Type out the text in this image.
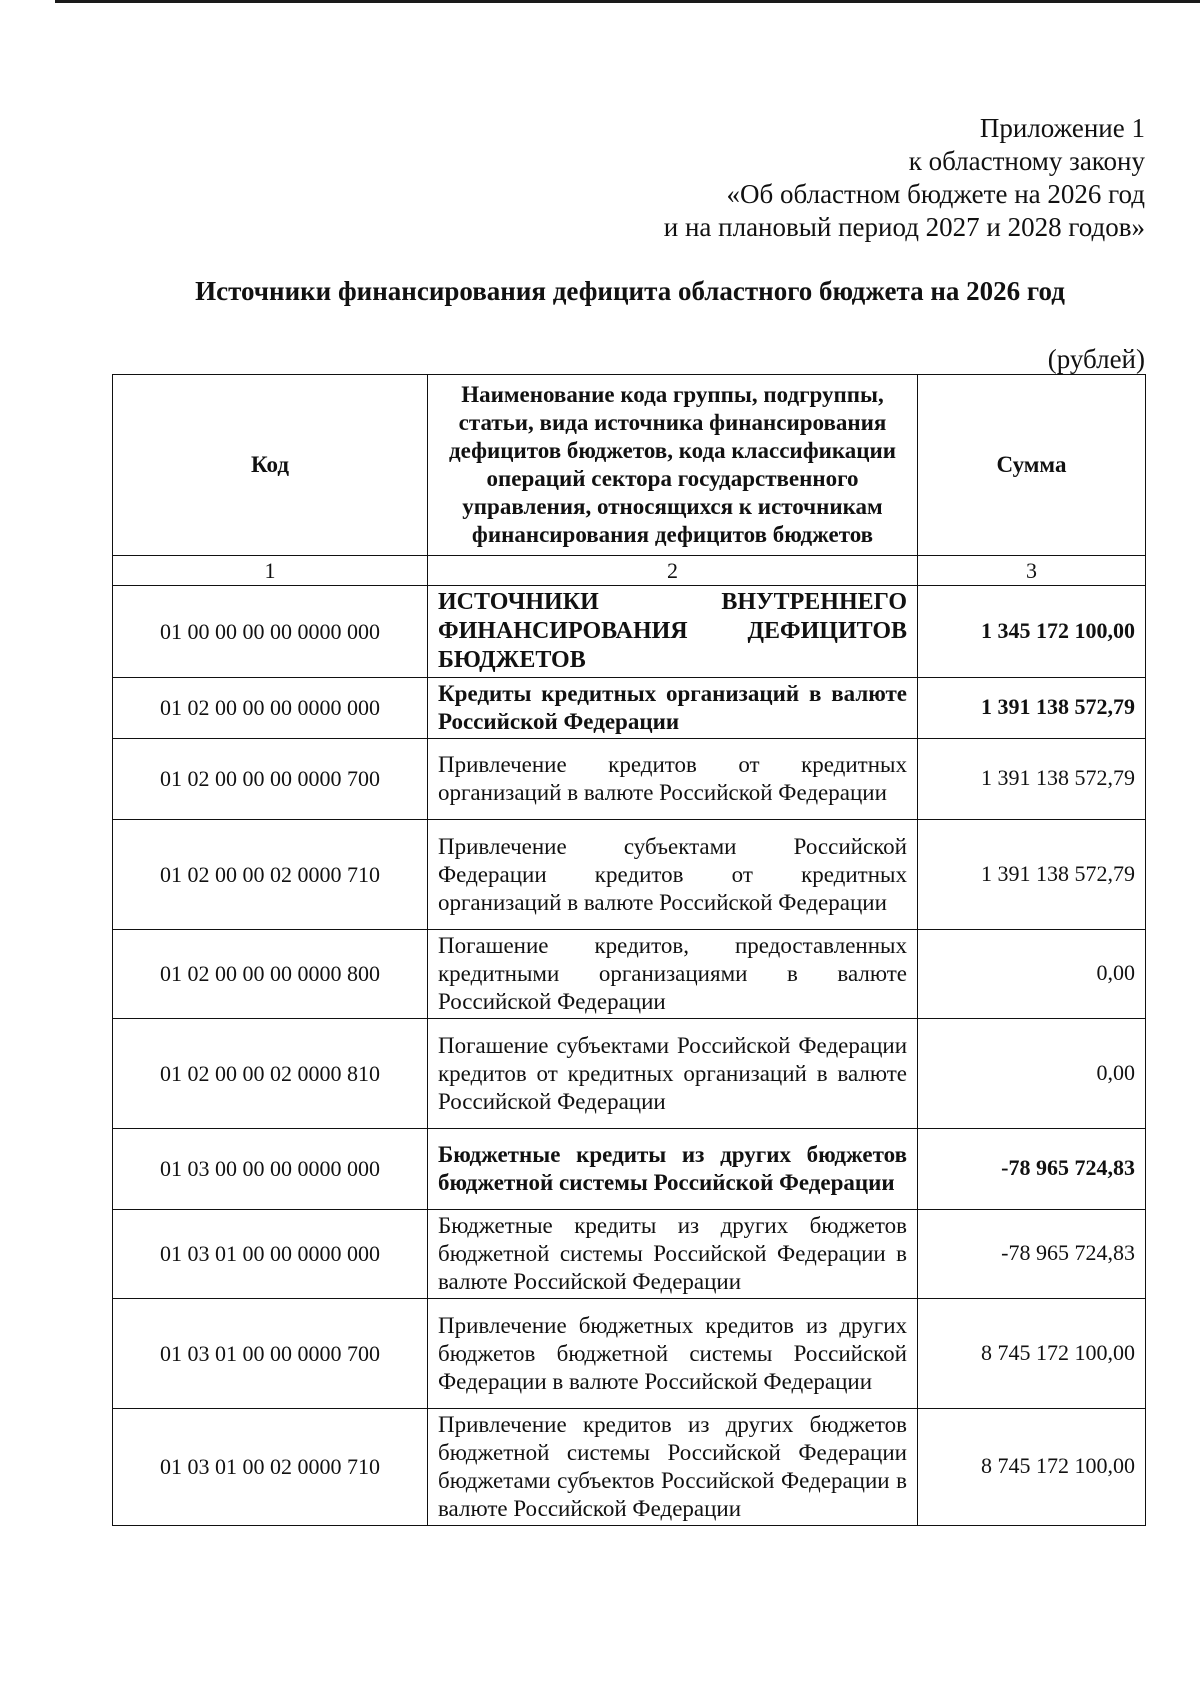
Приложение 1
к областному закону
«Об областном бюджете на 2026 год
и на плановый период 2027 и 2028 годов»
Источники финансирования дефицита областного бюджета на 2026 год
(рублей)
Код	Наименование кода группы, подгруппы, статьи, вида источника финансирования дефицитов бюджетов, кода классификации операций сектора государственного управления, относящихся к источникам финансирования дефицитов бюджетов	Сумма
1	2	3
01 00 00 00 00 0000 000	ИСТОЧНИКИ ВНУТРЕННЕГО ФИНАНСИРОВАНИЯ ДЕФИЦИТОВ БЮДЖЕТОВ	1 345 172 100,00
01 02 00 00 00 0000 000	Кредиты кредитных организаций в валюте Российской Федерации	1 391 138 572,79
01 02 00 00 00 0000 700	Привлечение кредитов от кредитных организаций в валюте Российской Федерации	1 391 138 572,79
01 02 00 00 02 0000 710	Привлечение субъектами Российской Федерации кредитов от кредитных организаций в валюте Российской Федерации	1 391 138 572,79
01 02 00 00 00 0000 800	Погашение кредитов, предоставленных кредитными организациями в валюте Российской Федерации	0,00
01 02 00 00 02 0000 810	Погашение субъектами Российской Федерации кредитов от кредитных организаций в валюте Российской Федерации	0,00
01 03 00 00 00 0000 000	Бюджетные кредиты из других бюджетов бюджетной системы Российской Федерации	-78 965 724,83
01 03 01 00 00 0000 000	Бюджетные кредиты из других бюджетов бюджетной системы Российской Федерации в валюте Российской Федерации	-78 965 724,83
01 03 01 00 00 0000 700	Привлечение бюджетных кредитов из других бюджетов бюджетной системы Российской Федерации в валюте Российской Федерации	8 745 172 100,00
01 03 01 00 02 0000 710	Привлечение кредитов из других бюджетов бюджетной системы Российской Федерации бюджетами субъектов Российской Федерации в валюте Российской Федерации	8 745 172 100,00
